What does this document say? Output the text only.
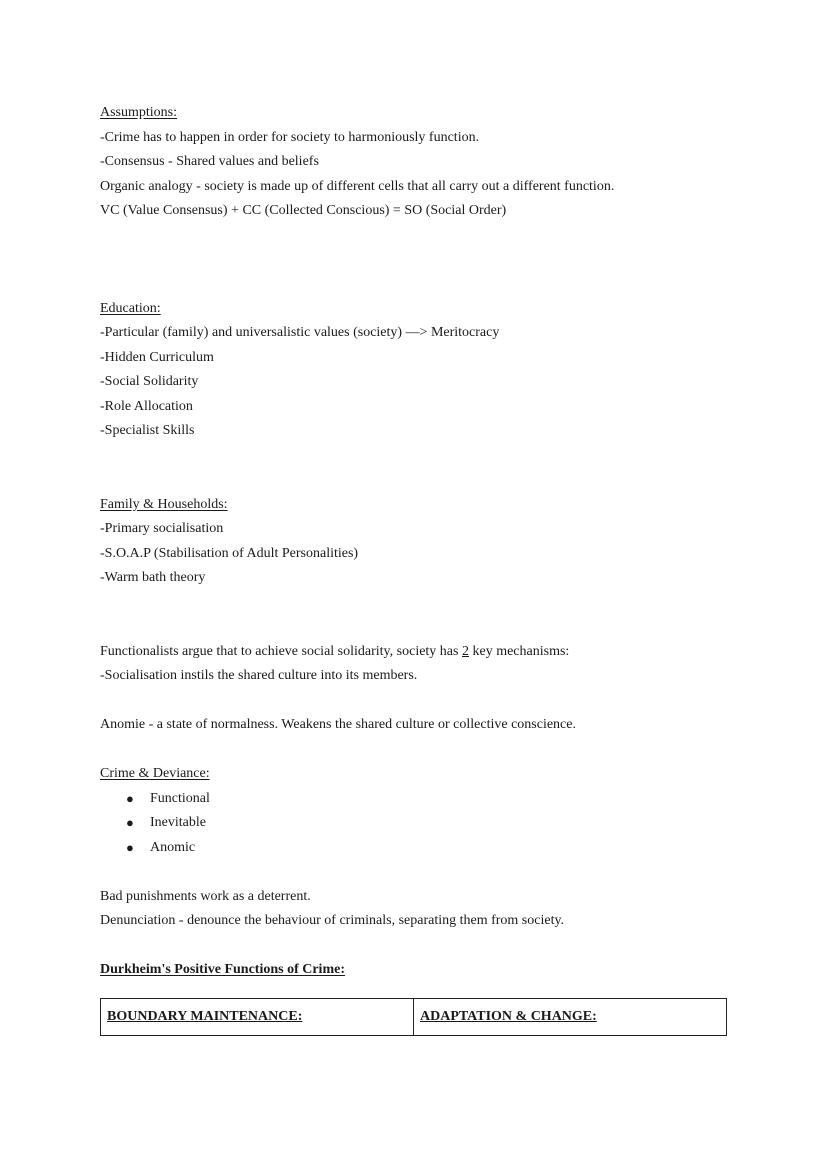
Assumptions:
-Crime has to happen in order for society to harmoniously function.
-Consensus - Shared values and beliefs
Organic analogy - society is made up of different cells that all carry out a different function.
VC (Value Consensus) + CC (Collected Conscious) = SO (Social Order)
Education:
-Particular (family) and universalistic values (society) —> Meritocracy
-Hidden Curriculum
-Social Solidarity
-Role Allocation
-Specialist Skills
Family & Households:
-Primary socialisation
-S.O.A.P (Stabilisation of Adult Personalities)
-Warm bath theory
Functionalists argue that to achieve social solidarity, society has 2 key mechanisms:
-Socialisation instils the shared culture into its members.
Anomie - a state of normalness. Weakens the shared culture or collective conscience.
Crime & Deviance:
● Functional
● Inevitable
● Anomic
Bad punishments work as a deterrent.
Denunciation - denounce the behaviour of criminals, separating them from society.
Durkheim's Positive Functions of Crime:
BOUNDARY MAINTENANCE:	ADAPTATION & CHANGE:
